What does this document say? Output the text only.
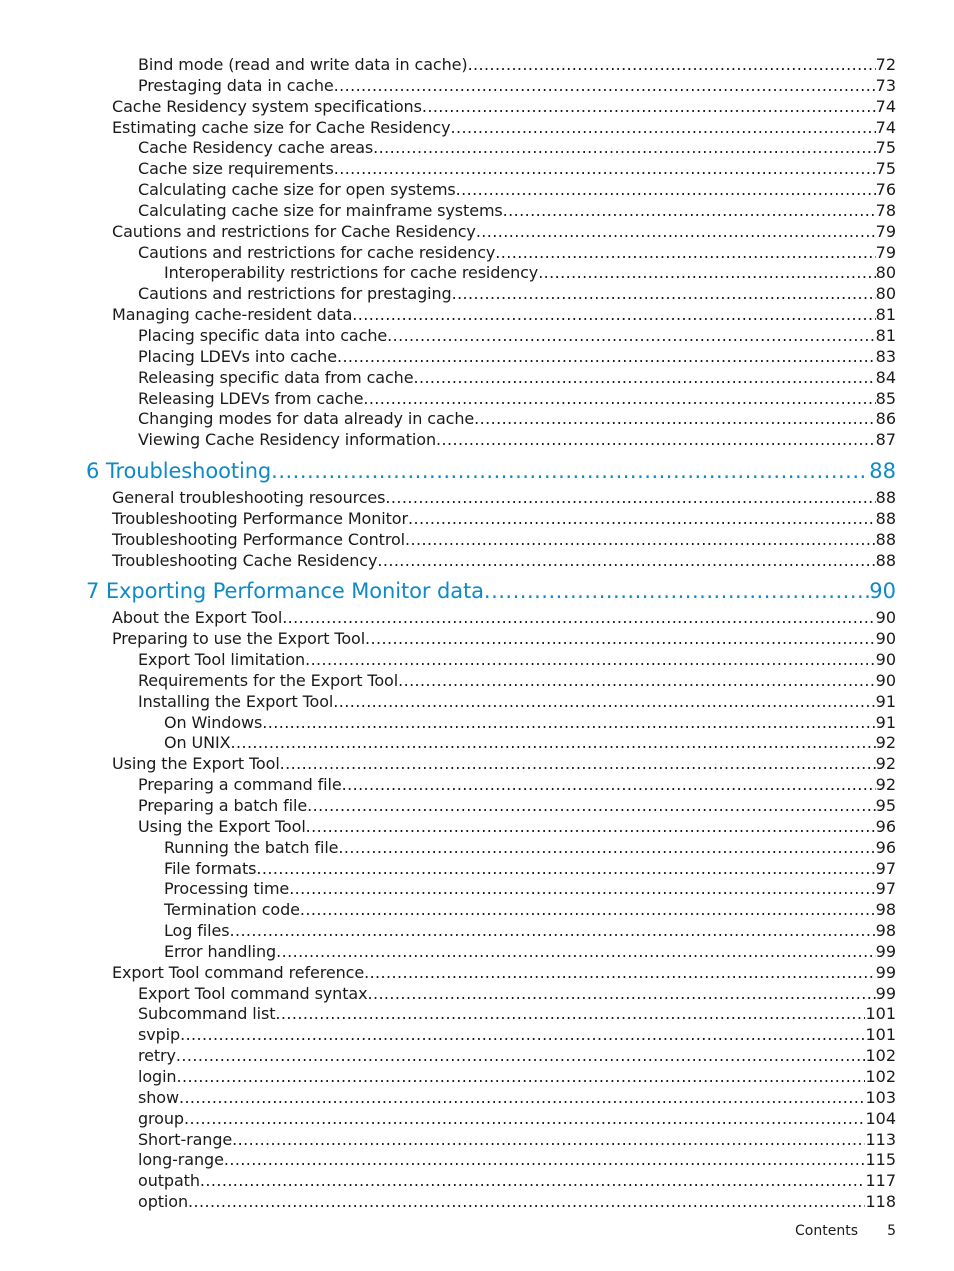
Bind mode (read and write data in cache) .....	72
Prestaging data in cache .....	73
Cache Residency system specifications .....	74
Estimating cache size for Cache Residency .....	74
Cache Residency cache areas .....	75
Cache size requirements .....	75
Calculating cache size for open systems .....	76
Calculating cache size for mainframe systems .....	78
Cautions and restrictions for Cache Residency .....	79
Cautions and restrictions for cache residency .....	79
Interoperability restrictions for cache residency .....	80
Cautions and restrictions for prestaging .....	80
Managing cache-resident data .....	81
Placing specific data into cache .....	81
Placing LDEVs into cache .....	83
Releasing specific data from cache .....	84
Releasing LDEVs from cache .....	85
Changing modes for data already in cache .....	86
Viewing Cache Residency information .....	87
6 Troubleshooting .....	88
General troubleshooting resources .....	88
Troubleshooting Performance Monitor .....	88
Troubleshooting Performance Control .....	88
Troubleshooting Cache Residency .....	88
7 Exporting Performance Monitor data .....	90
About the Export Tool .....	90
Preparing to use the Export Tool .....	90
Export Tool limitation .....	90
Requirements for the Export Tool .....	90
Installing the Export Tool .....	91
On Windows .....	91
On UNIX .....	92
Using the Export Tool .....	92
Preparing a command file .....	92
Preparing a batch file .....	95
Using the Export Tool .....	96
Running the batch file .....	96
File formats .....	97
Processing time .....	97
Termination code .....	98
Log files .....	98
Error handling .....	99
Export Tool command reference .....	99
Export Tool command syntax .....	99
Subcommand list .....	101
svpip .....	101
retry .....	102
login .....	102
show .....	103
group .....	104
Short-range .....	113
long-range .....	115
outpath .....	117
option .....	118
Contents 5
